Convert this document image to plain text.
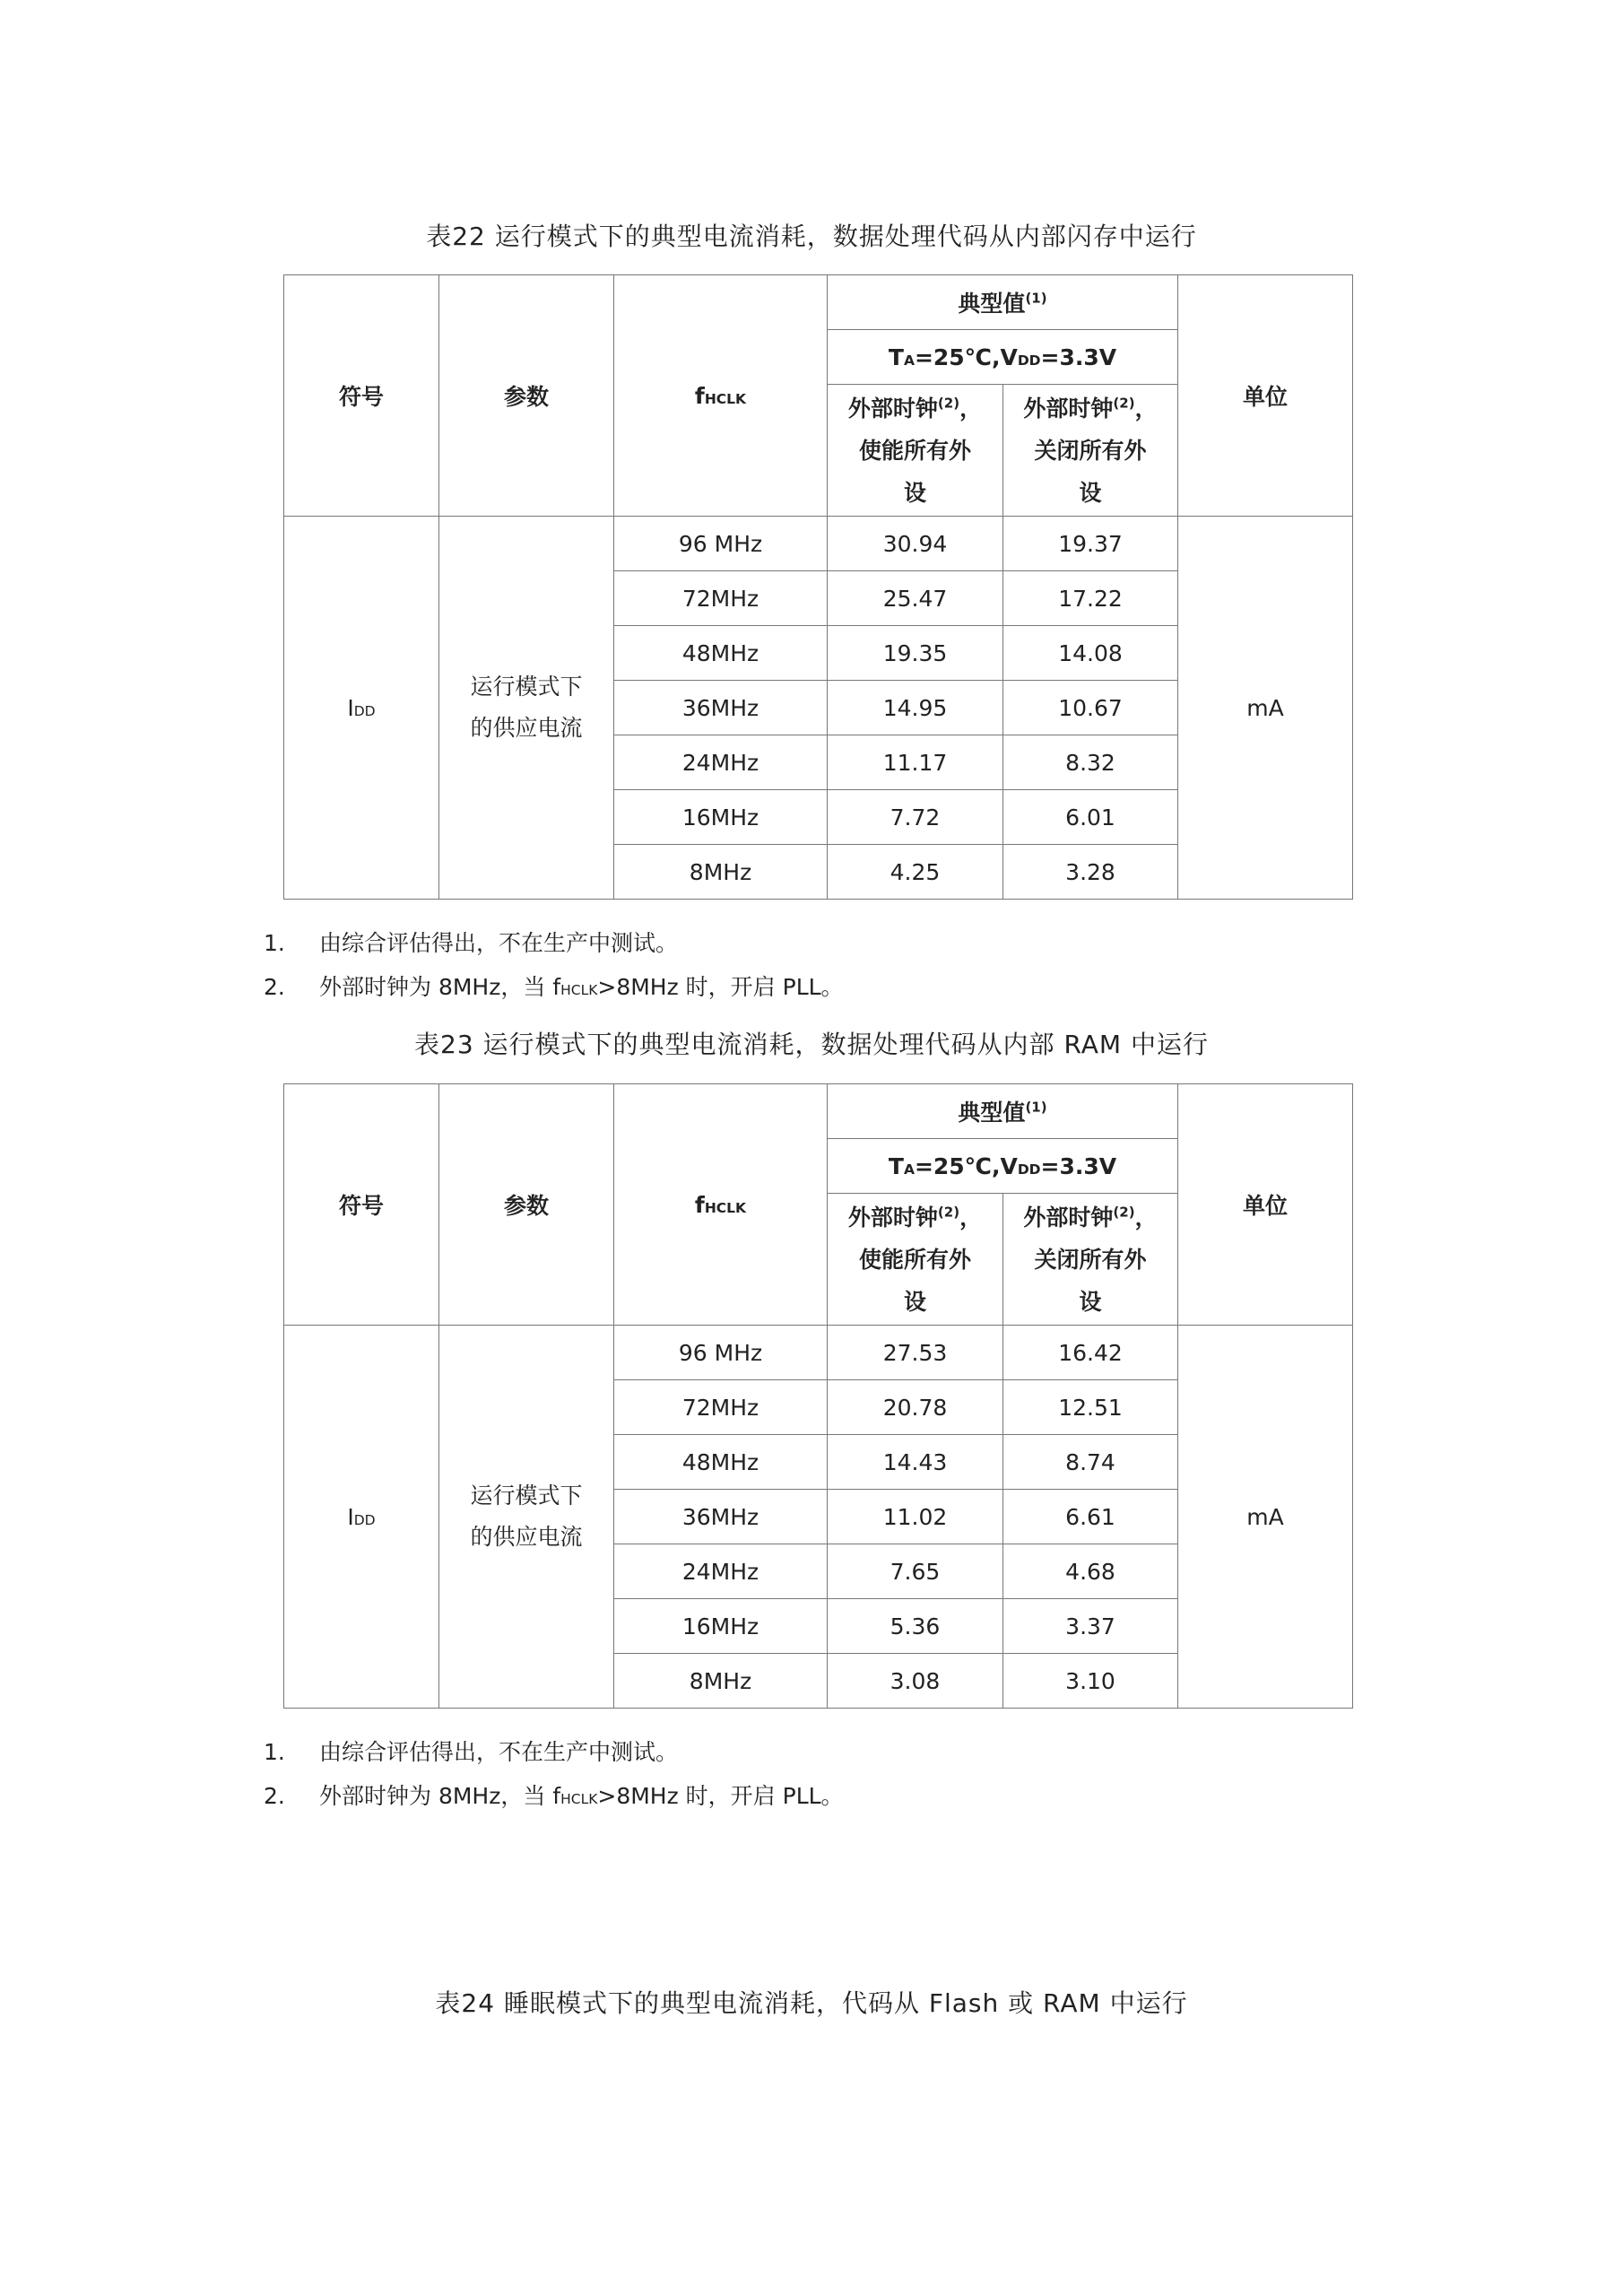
表22 运行模式下的典型电流消耗，数据处理代码从内部闪存中运行
符号	参数	fHCLK	典型值$^{(1)}$		单位
			TA=25℃,VDD=3.3V		
			外部时钟$^{(2)}$，
使能所有外
设	外部时钟$^{(2)}$，
关闭所有外
设	
IDD	运行模式下
的供应电流	96 MHz	30.94	19.37	mA
		72MHz	25.47	17.22	
		48MHz	19.35	14.08	
		36MHz	14.95	10.67	
		24MHz	11.17	8.32	
		16MHz	7.72	6.01	
		8MHz	4.25	3.28	
1. 由综合评估得出，不在生产中测试。
2. 外部时钟为 8MHz，当 fHCLK>8MHz 时，开启 PLL。
表23 运行模式下的典型电流消耗，数据处理代码从内部 RAM 中运行
符号	参数	fHCLK	典型值$^{(1)}$		单位
			TA=25℃,VDD=3.3V		
			外部时钟$^{(2)}$，
使能所有外
设	外部时钟$^{(2)}$，
关闭所有外
设	
IDD	运行模式下
的供应电流	96 MHz	27.53	16.42	mA
		72MHz	20.78	12.51	
		48MHz	14.43	8.74	
		36MHz	11.02	6.61	
		24MHz	7.65	4.68	
		16MHz	5.36	3.37	
		8MHz	3.08	3.10	
1. 由综合评估得出，不在生产中测试。
2. 外部时钟为 8MHz，当 fHCLK>8MHz 时，开启 PLL。
表24 睡眠模式下的典型电流消耗，代码从 Flash 或 RAM 中运行
